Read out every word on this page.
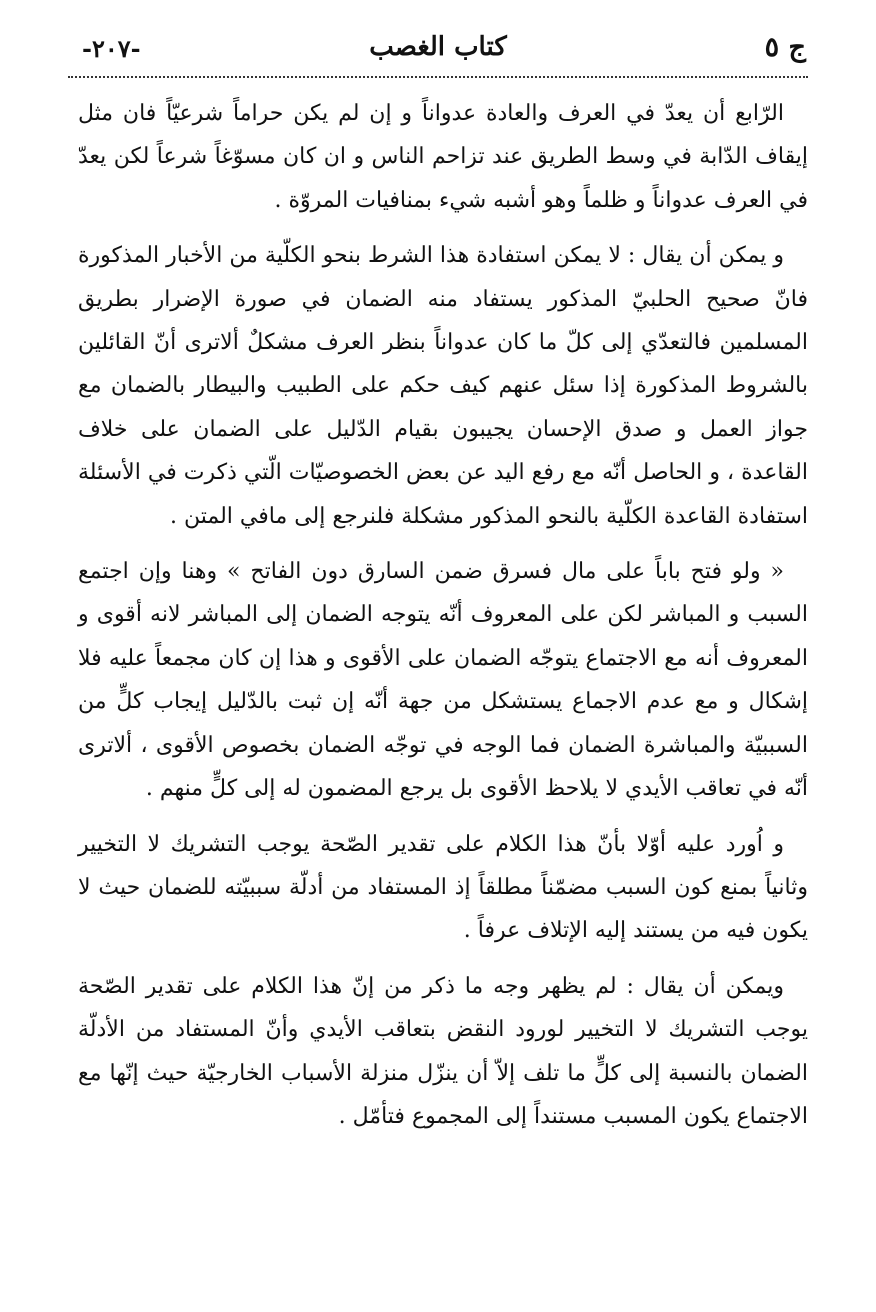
ج ٥
كتاب الغصب
-٢٠٧-

الرّابع أن يعدّ في العرف والعادة عدواناً و إن لم يكن حراماً شرعيّاً فان مثل إيقاف الدّابة في وسط الطريق عند تزاحم الناس و ان كان مسوّغاً شرعاً لكن يعدّ في العرف عدواناً و ظلماً وهو أشبه شيء بمنافيات المروّة .

و يمكن أن يقال : لا يمكن استفادة هذا الشرط بنحو الكلّية من الأخبار المذكورة فانّ صحيح الحلبيّ المذكور يستفاد منه الضمان في صورة الإضرار بطريق المسلمين فالتعدّي إلى كلّ ما كان عدواناً بنظر العرف مشكلٌ ألاترى أنّ القائلين بالشروط المذكورة إذا سئل عنهم كيف حكم على الطبيب والبيطار بالضمان مع جواز العمل و صدق الإحسان يجيبون بقيام الدّليل على الضمان على خلاف القاعدة ، و الحاصل أنّه مع رفع اليد عن بعض الخصوصيّات الّتي ذكرت في الأسئلة استفادة القاعدة الكلّية بالنحو المذكور مشكلة فلنرجع إلى مافي المتن .

« ولو فتح باباً على مال فسرق ضمن السارق دون الفاتح » وهنا وإن اجتمع السبب و المباشر لكن على المعروف أنّه يتوجه الضمان إلى المباشر لانه أقوى و المعروف أنه مع الاجتماع يتوجّه الضمان على الأقوى و هذا إن كان مجمعاً عليه فلا إشكال و مع عدم الاجماع يستشكل من جهة أنّه إن ثبت بالدّليل إيجاب كلٍّ من السببيّة والمباشرة الضمان فما الوجه في توجّه الضمان بخصوص الأقوى ، ألاترى أنّه في تعاقب الأيدي لا يلاحظ الأقوى بل يرجع المضمون له إلى كلٍّ منهم .

و اُورد عليه أوّلا بأنّ هذا الكلام على تقدير الصّحة يوجب التشريك لا التخيير وثانياً بمنع كون السبب مضمّناً مطلقاً إذ المستفاد من أدلّة سببيّته للضمان حيث لا يكون فيه من يستند إليه الإتلاف عرفاً .

ويمكن أن يقال : لم يظهر وجه ما ذكر من إنّ هذا الكلام على تقدير الصّحة يوجب التشريك لا التخيير لورود النقض بتعاقب الأيدي وأنّ المستفاد من الأدلّة الضمان بالنسبة إلى كلٍّ ما تلف إلاّ أن ينزّل منزلة الأسباب الخارجيّة حيث إنّها مع الاجتماع يكون المسبب مستنداً إلى المجموع فتأمّل .
